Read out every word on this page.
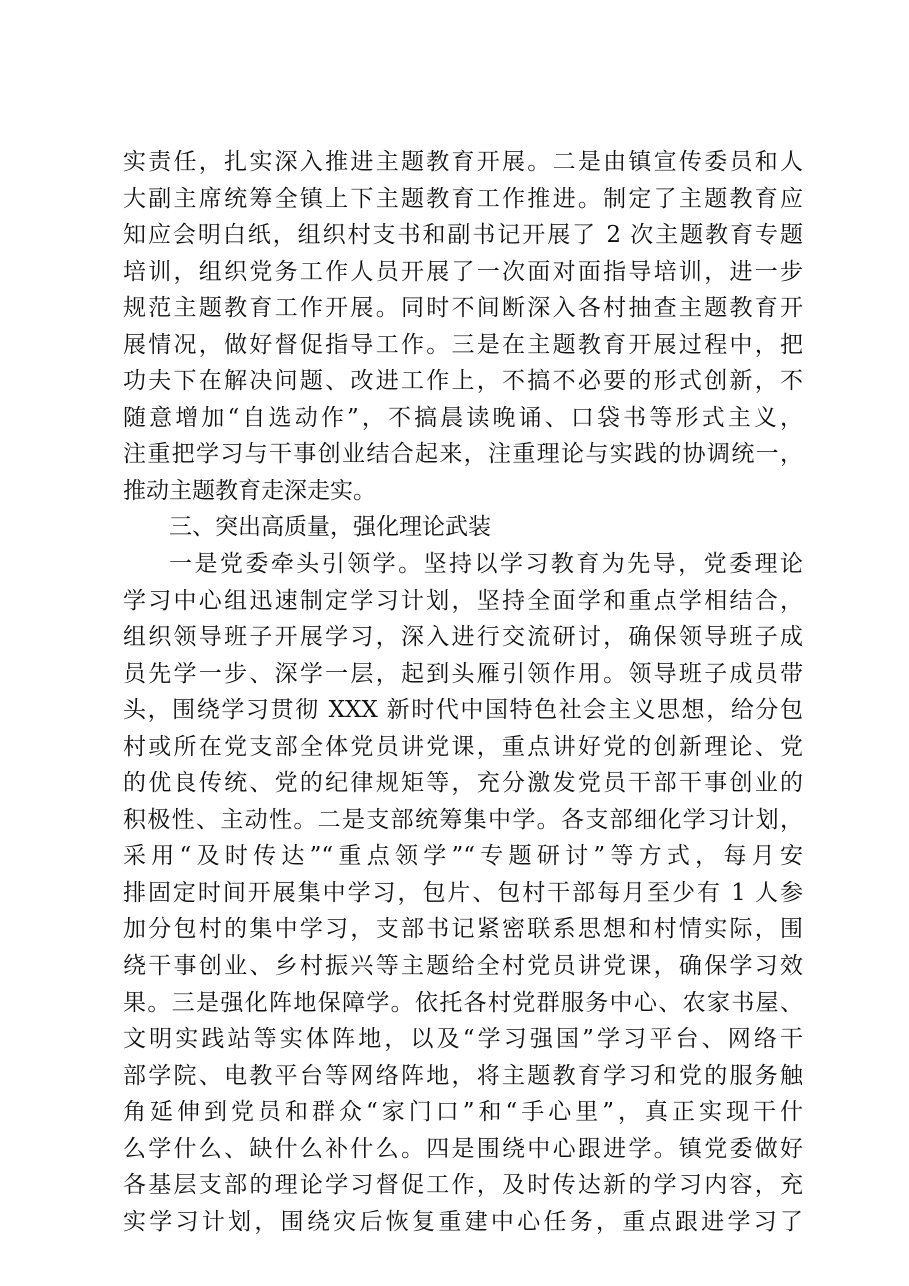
实责任，扎实深入推进主题教育开展。二是由镇宣传委员和人
大副主席统筹全镇上下主题教育工作推进。制定了主题教育应
知应会明白纸，组织村支书和副书记开展了 2 次主题教育专题
培训，组织党务工作人员开展了一次面对面指导培训，进一步
规范主题教育工作开展。同时不间断深入各村抽查主题教育开
展情况，做好督促指导工作。三是在主题教育开展过程中，把
功夫下在解决问题、改进工作上，不搞不必要的形式创新，不
随意增加“自选动作”，不搞晨读晚诵、口袋书等形式主义，
注重把学习与干事创业结合起来，注重理论与实践的协调统一，
推动主题教育走深走实。
三、突出高质量，强化理论武装
一是党委牵头引领学。坚持以学习教育为先导，党委理论
学习中心组迅速制定学习计划，坚持全面学和重点学相结合，
组织领导班子开展学习，深入进行交流研讨，确保领导班子成
员先学一步、深学一层，起到头雁引领作用。领导班子成员带
头，围绕学习贯彻 XXX 新时代中国特色社会主义思想，给分包
村或所在党支部全体党员讲党课，重点讲好党的创新理论、党
的优良传统、党的纪律规矩等，充分激发党员干部干事创业的
积极性、主动性。二是支部统筹集中学。各支部细化学习计划，
采用“及时传达”“重点领学”“专题研讨”等方式，每月安
排固定时间开展集中学习，包片、包村干部每月至少有 1 人参
加分包村的集中学习，支部书记紧密联系思想和村情实际，围
绕干事创业、乡村振兴等主题给全村党员讲党课，确保学习效
果。三是强化阵地保障学。依托各村党群服务中心、农家书屋、
文明实践站等实体阵地，以及“学习强国”学习平台、网络干
部学院、电教平台等网络阵地，将主题教育学习和党的服务触
角延伸到党员和群众“家门口”和“手心里”，真正实现干什
么学什么、缺什么补什么。四是围绕中心跟进学。镇党委做好
各基层支部的理论学习督促工作，及时传达新的学习内容，充
实学习计划，围绕灾后恢复重建中心任务，重点跟进学习了
